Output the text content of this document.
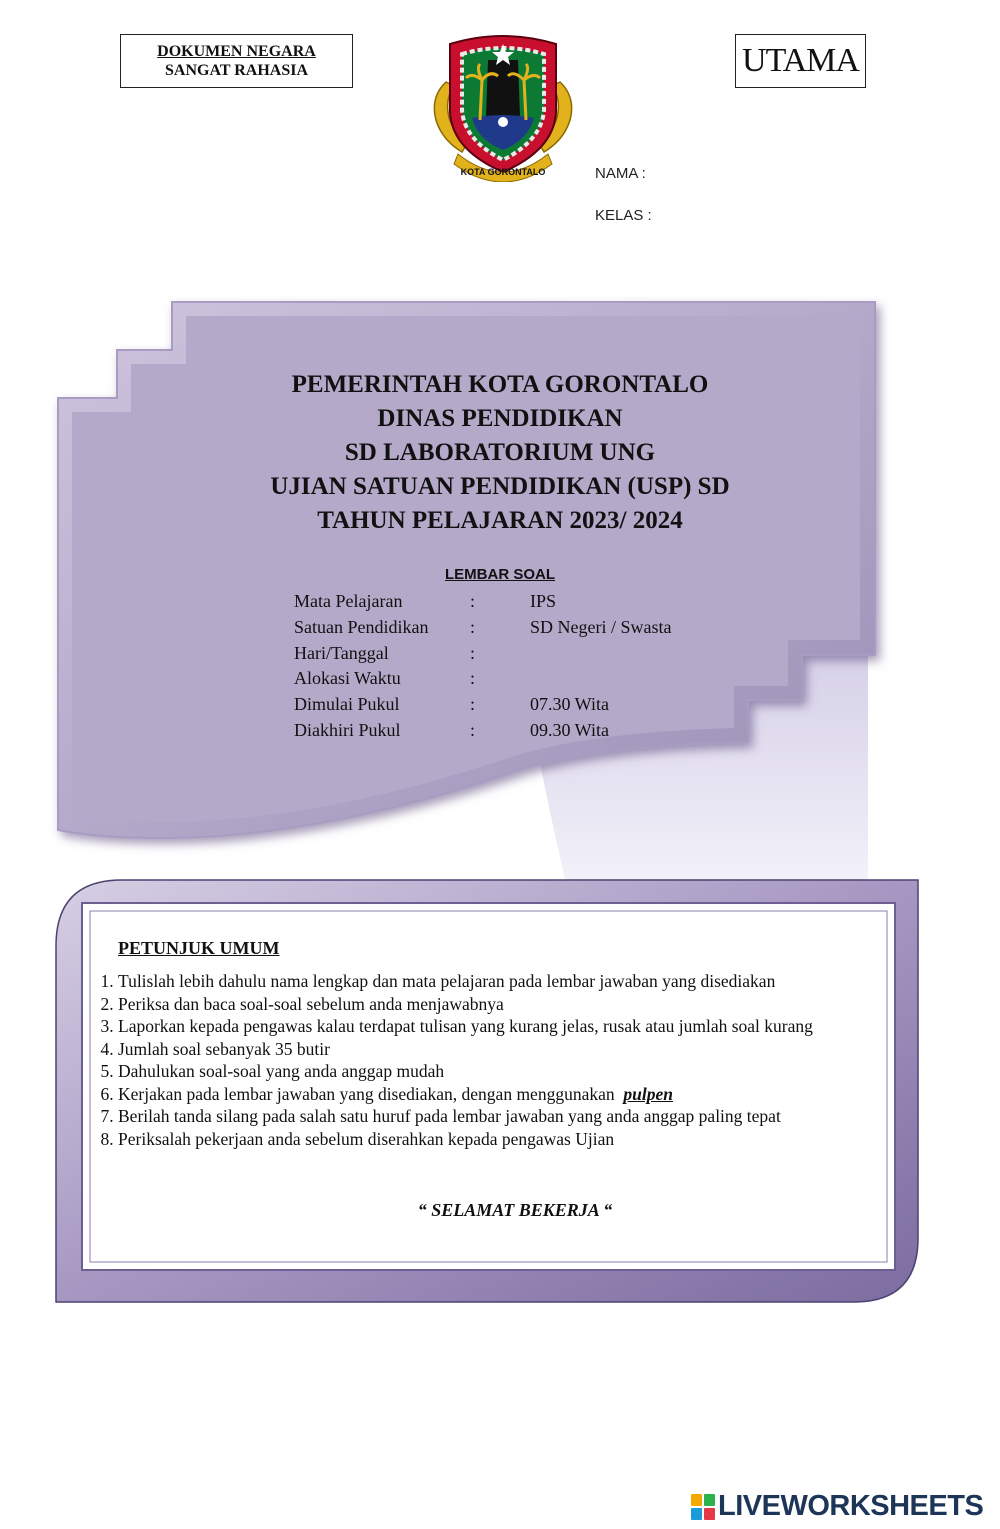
DOKUMEN NEGARA
SANGAT RAHASIA	UTAMA
KOTA GORONTALO	NAMA :
KELAS :
PEMERINTAH KOTA GORONTALO
DINAS PENDIDIKAN
SD LABORATORIUM UNG
UJIAN SATUAN PENDIDIKAN (USP) SD
TAHUN PELAJARAN 2023/ 2024
LEMBAR SOAL
Mata Pelajaran	:	IPS
Satuan Pendidikan :	SD Negeri / Swasta
Hari/Tanggal	:
Alokasi Waktu	:
Dimulai Pukul	:	07.30 Wita
Diakhiri Pukul	:	09.30 Wita
PETUNJUK UMUM
1. Tulislah lebih dahulu nama lengkap dan mata pelajaran pada lembar jawaban yang disediakan
2. Periksa dan baca soal-soal sebelum anda menjawabnya
3. Laporkan kepada pengawas kalau terdapat tulisan yang kurang jelas, rusak atau jumlah soal kurang
4. Jumlah soal sebanyak 35 butir
5. Dahulukan soal-soal yang anda anggap mudah
6. Kerjakan pada lembar jawaban yang disediakan, dengan menggunakan pulpen
7. Berilah tanda silang pada salah satu huruf pada lembar jawaban yang anda anggap paling tepat
8. Periksalah pekerjaan anda sebelum diserahkan kepada pengawas Ujian
“ SELAMAT BEKERJA “
LIVEWORKSHEETS
